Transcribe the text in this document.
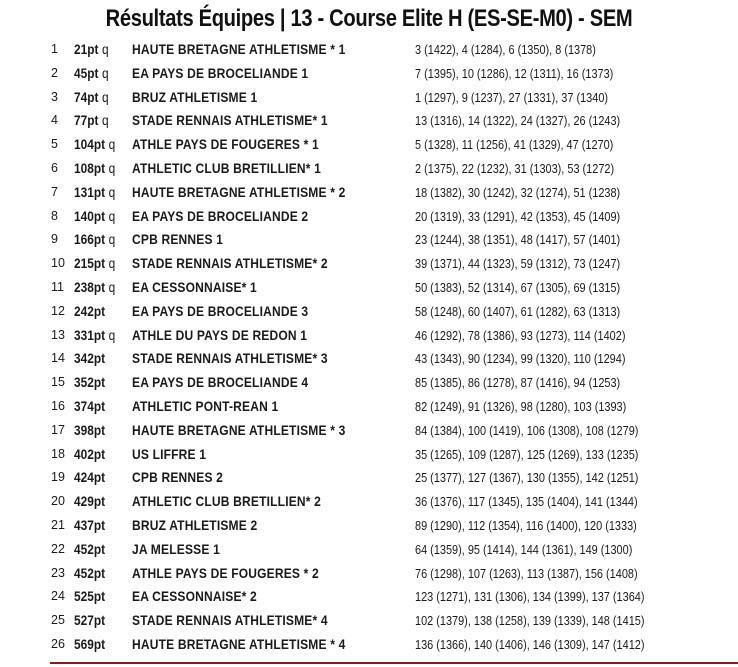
Résultats Équipes | 13 - Course Elite H (ES-SE-M0) - SEM
1 21pt q HAUTE BRETAGNE ATHLETISME * 1	3 (1422), 4 (1284), 6 (1350), 8 (1378)
2 45pt q EA PAYS DE BROCELIANDE 1	7 (1395), 10 (1286), 12 (1311), 16 (1373)
3 74pt q BRUZ ATHLETISME 1	1 (1297), 9 (1237), 27 (1331), 37 (1340)
4 77pt q STADE RENNAIS ATHLETISME* 1	13 (1316), 14 (1322), 24 (1327), 26 (1243)
5 104pt q ATHLE PAYS DE FOUGERES * 1	5 (1328), 11 (1256), 41 (1329), 47 (1270)
6 108pt q ATHLETIC CLUB BRETILLIEN* 1	2 (1375), 22 (1232), 31 (1303), 53 (1272)
7 131pt q HAUTE BRETAGNE ATHLETISME * 2	18 (1382), 30 (1242), 32 (1274), 51 (1238)
8 140pt q EA PAYS DE BROCELIANDE 2	20 (1319), 33 (1291), 42 (1353), 45 (1409)
9 166pt q CPB RENNES 1	23 (1244), 38 (1351), 48 (1417), 57 (1401)
10 215pt q STADE RENNAIS ATHLETISME* 2	39 (1371), 44 (1323), 59 (1312), 73 (1247)
11 238pt q EA CESSONNAISE* 1	50 (1383), 52 (1314), 67 (1305), 69 (1315)
12 242pt EA PAYS DE BROCELIANDE 3	58 (1248), 60 (1407), 61 (1282), 63 (1313)
13 331pt q ATHLE DU PAYS DE REDON 1	46 (1292), 78 (1386), 93 (1273), 114 (1402)
14 342pt STADE RENNAIS ATHLETISME* 3	43 (1343), 90 (1234), 99 (1320), 110 (1294)
15 352pt EA PAYS DE BROCELIANDE 4	85 (1385), 86 (1278), 87 (1416), 94 (1253)
16 374pt ATHLETIC PONT-REAN 1	82 (1249), 91 (1326), 98 (1280), 103 (1393)
17 398pt HAUTE BRETAGNE ATHLETISME * 3	84 (1384), 100 (1419), 106 (1308), 108 (1279)
18 402pt US LIFFRE 1	35 (1265), 109 (1287), 125 (1269), 133 (1235)
19 424pt CPB RENNES 2	25 (1377), 127 (1367), 130 (1355), 142 (1251)
20 429pt ATHLETIC CLUB BRETILLIEN* 2	36 (1376), 117 (1345), 135 (1404), 141 (1344)
21 437pt BRUZ ATHLETISME 2	89 (1290), 112 (1354), 116 (1400), 120 (1333)
22 452pt JA MELESSE 1	64 (1359), 95 (1414), 144 (1361), 149 (1300)
23 452pt ATHLE PAYS DE FOUGERES * 2	76 (1298), 107 (1263), 113 (1387), 156 (1408)
24 525pt EA CESSONNAISE* 2	123 (1271), 131 (1306), 134 (1399), 137 (1364)
25 527pt STADE RENNAIS ATHLETISME* 4	102 (1379), 138 (1258), 139 (1339), 148 (1415)
26 569pt HAUTE BRETAGNE ATHLETISME * 4	136 (1366), 140 (1406), 146 (1309), 147 (1412)
